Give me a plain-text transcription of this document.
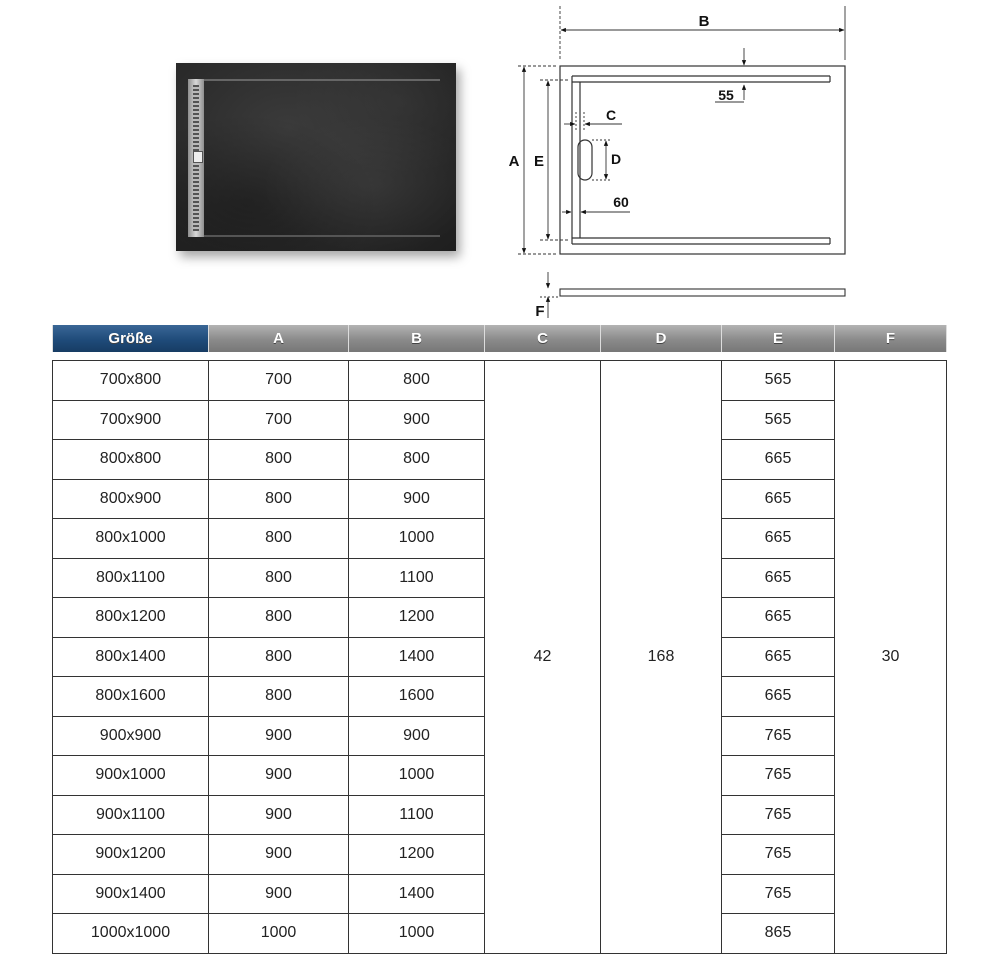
B
A E
55
C
D
60
F
Größe	A	B	C	D	E	F

700x800	700	800	42	168	565	30
700x900	700	900			565	
800x800	800	800			665	
800x900	800	900			665	
800x1000	800	1000			665	
800x1100	800	1100			665	
800x1200	800	1200			665	
800x1400	800	1400			665	
800x1600	800	1600			665	
900x900	900	900			765	
900x1000	900	1000			765	
900x1100	900	1100			765	
900x1200	900	1200			765	
900x1400	900	1400			765	
1000x1000	1000	1000			865	
